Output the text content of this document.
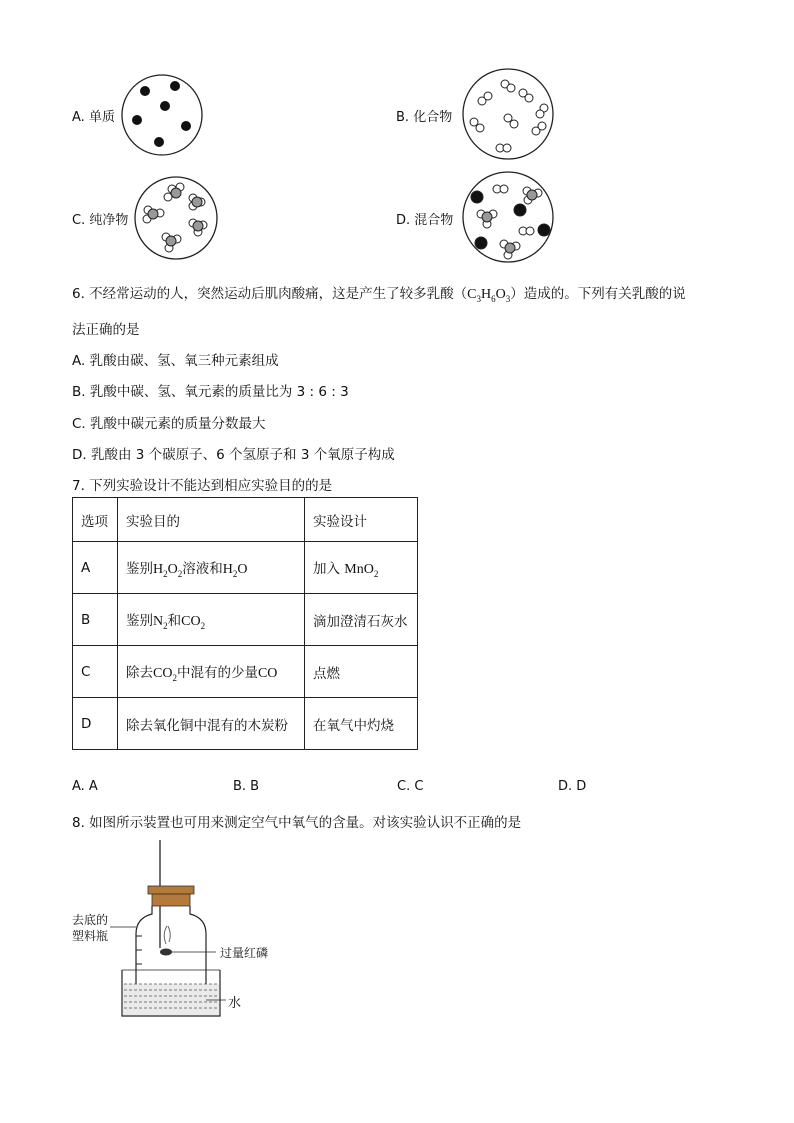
A. 单质	B. 化合物
C. 纯净物	D. 混合物
6. 不经常运动的人，突然运动后肌肉酸痛，这是产生了较多乳酸$(C_3H_6O_3)$造成的。下列有关乳酸的说
法正确的是
A. 乳酸由碳、氢、氧三种元素组成
B. 乳酸中碳、氢、氧元素的质量比为 3 : 6 : 3
C. 乳酸中碳元素的质量分数最大
D. 乳酸由 3 个碳原子、6 个氢原子和 3 个氧原子构成
7. 下列实验设计不能达到相应实验目的的是
选项	实验目的	实验设计
A	鉴别$H_2O_2$溶液和$H_2O$	加入 MnO$_2$
B	鉴别$N_2$和$CO_2$	滴加澄清石灰水
C	除去$CO_2$中混有的少量CO	点燃
D	除去氧化铜中混有的木炭粉	在氧气中灼烧
A. A	B. B	C. C	D. D
8. 如图所示装置也可用来测定空气中氧气的含量。对该实验认识不正确的是
去底的
塑料瓶
过量红磷
水
